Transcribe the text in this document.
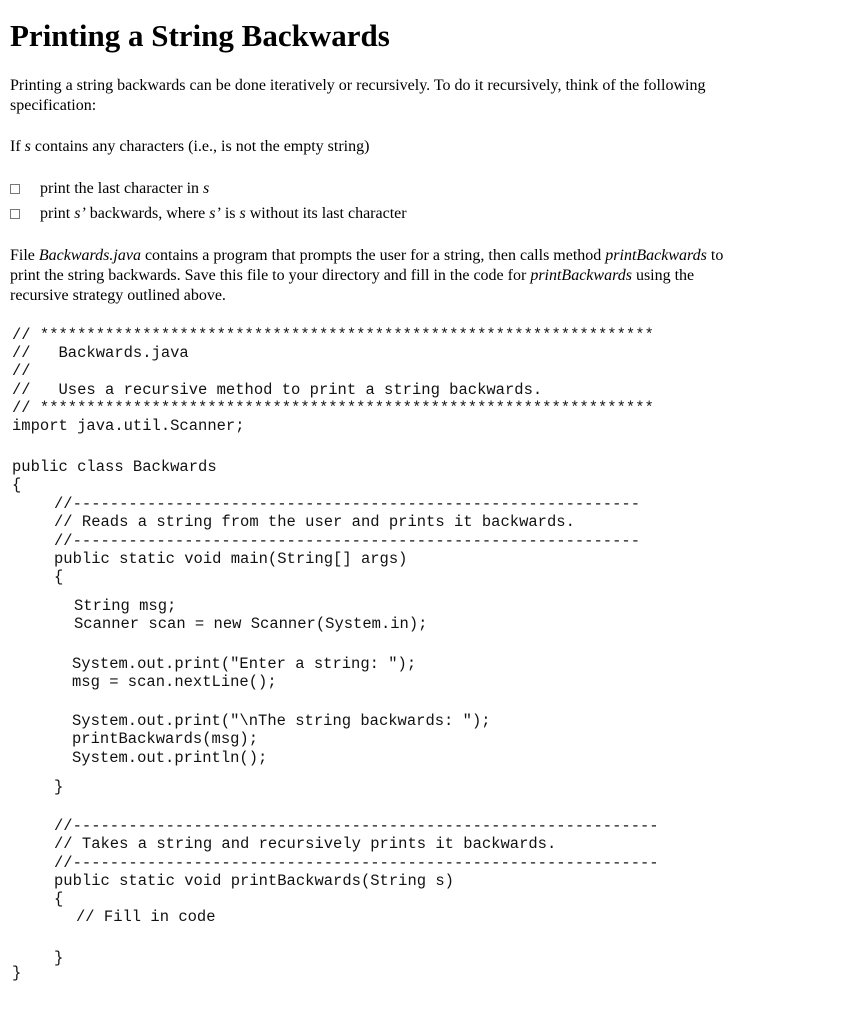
Printing a String Backwards
Printing a string backwards can be done iteratively or recursively. To do it recursively, think of the following
specification:
If s contains any characters (i.e., is not the empty string)
print the last character in s
print s’ backwards, where s’ is s without its last character
File Backwards.java contains a program that prompts the user for a string, then calls method printBackwards to
print the string backwards. Save this file to your directory and fill in the code for printBackwards using the
recursive strategy outlined above.
// ******************************************************************
//   Backwards.java
//
//   Uses a recursive method to print a string backwards.
// ******************************************************************
import java.util.Scanner;
public class Backwards
{
//-------------------------------------------------------------
// Reads a string from the user and prints it backwards.
//-------------------------------------------------------------
public static void main(String[] args)
{
String msg;
Scanner scan = new Scanner(System.in);
System.out.print("Enter a string: ");
msg = scan.nextLine();
System.out.print("\nThe string backwards: ");
printBackwards(msg);
System.out.println();
}
//---------------------------------------------------------------
// Takes a string and recursively prints it backwards.
//---------------------------------------------------------------
public static void printBackwards(String s)
{
// Fill in code
}
}
